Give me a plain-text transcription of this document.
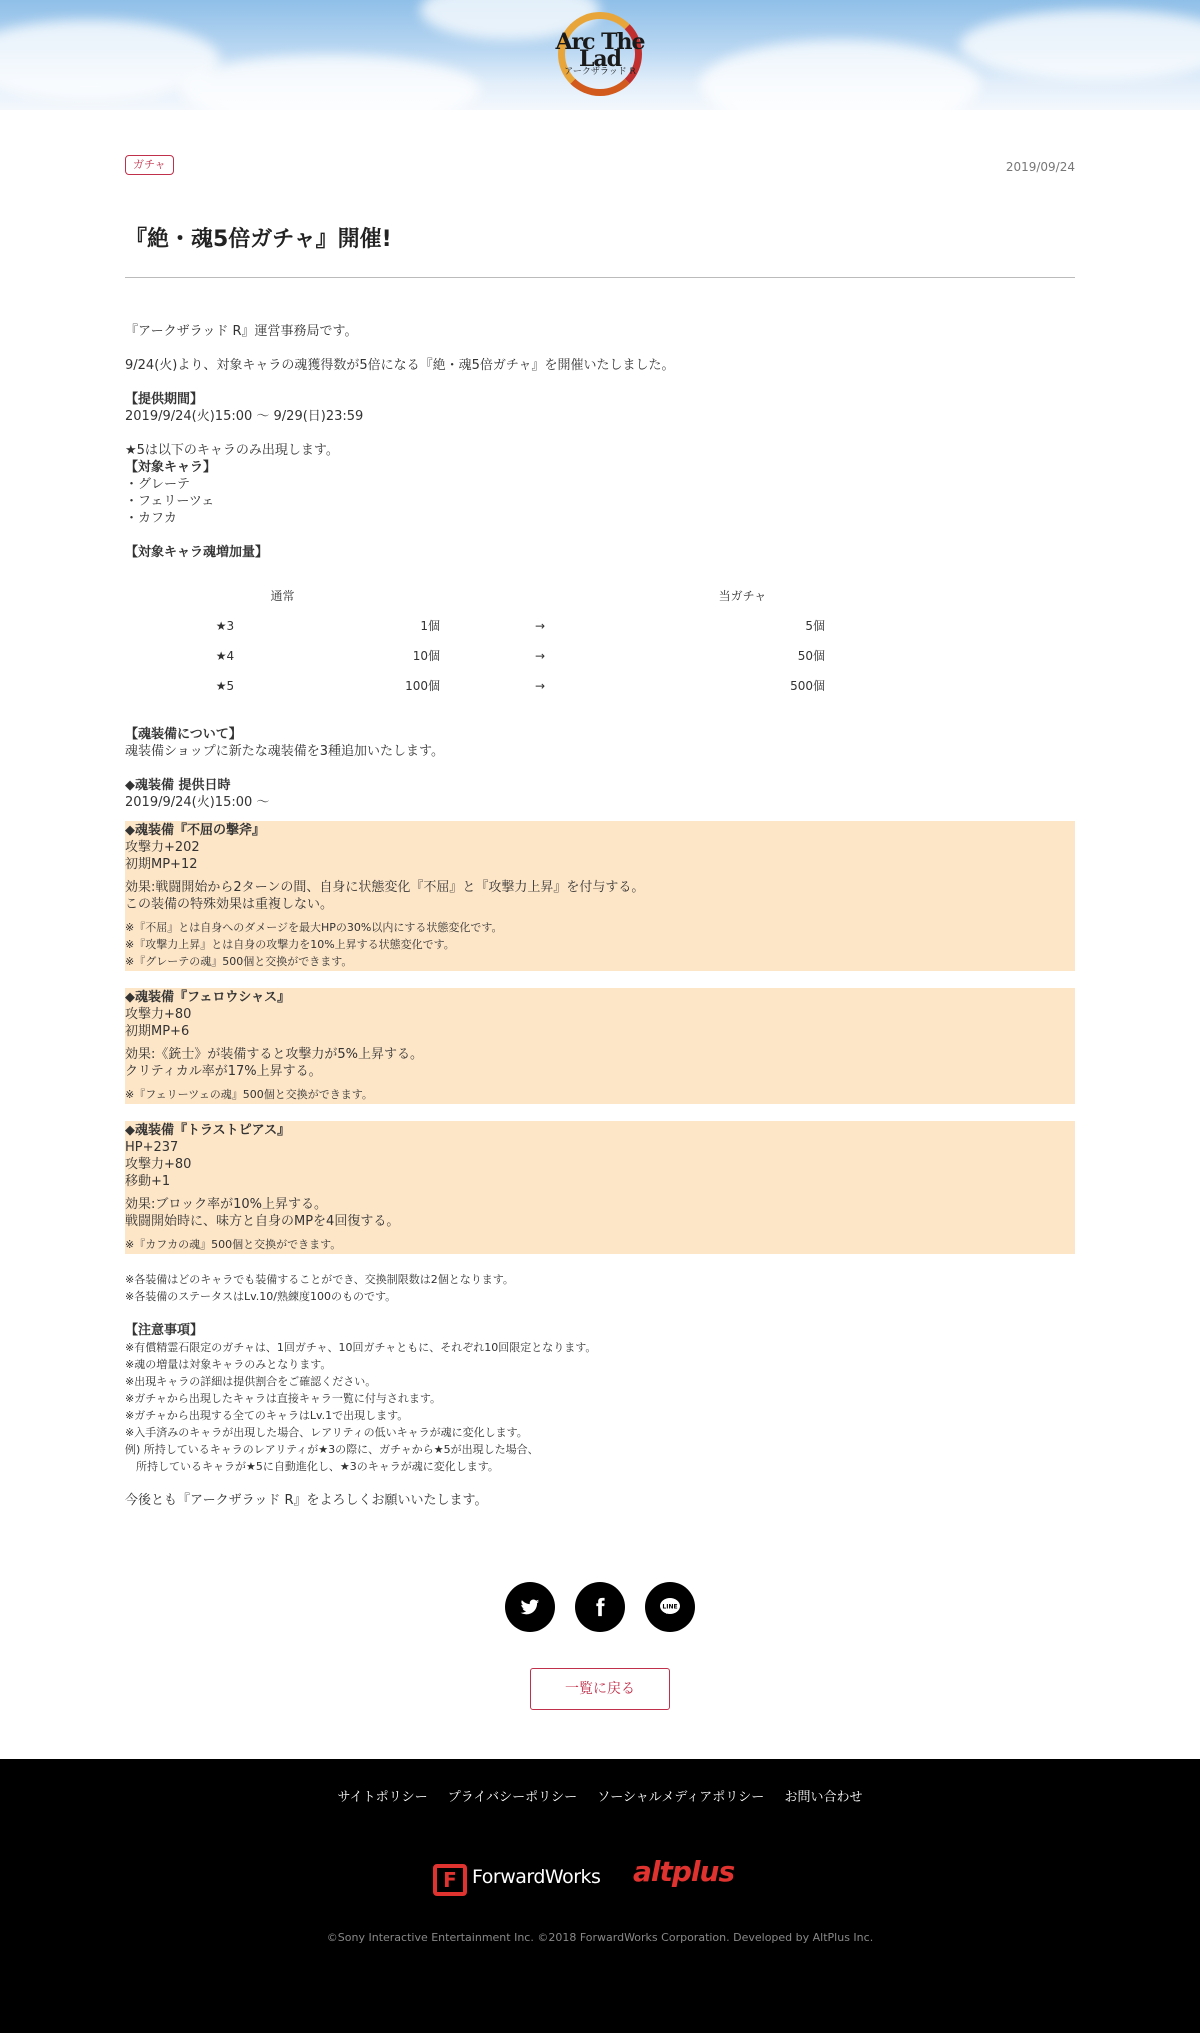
Arc The Lad
アークザラッド R
ガチャ	2019/09/24
『絶・魂5倍ガチャ』開催!
『アークザラッド R』運営事務局です。
9/24(火)より、対象キャラの魂獲得数が5倍になる『絶・魂5倍ガチャ』を開催いたしました。
【提供期間】
2019/9/24(火)15:00 〜 9/29(日)23:59
★5は以下のキャラのみ出現します。
【対象キャラ】
・グレーテ
・フェリーツェ
・カフカ
【対象キャラ魂増加量】
通常		当ガチャ	
★3	1個	→	5個
★4	10個	→	50個
★5	100個	→	500個
【魂装備について】
魂装備ショップに新たな魂装備を3種追加いたします。
◆魂装備 提供日時
2019/9/24(火)15:00 〜
◆魂装備『不屈の撃斧』
攻撃力+202
初期MP+12
効果:戦闘開始から2ターンの間、自身に状態変化『不屈』と『攻撃力上昇』を付与する。
この装備の特殊効果は重複しない。
※『不屈』とは自身へのダメージを最大HPの30%以内にする状態変化です。
※『攻撃力上昇』とは自身の攻撃力を10%上昇する状態変化です。
※『グレーテの魂』500個と交換ができます。
◆魂装備『フェロウシャス』
攻撃力+80
初期MP+6
効果:《銃士》が装備すると攻撃力が5%上昇する。
クリティカル率が17%上昇する。
※『フェリーツェの魂』500個と交換ができます。
◆魂装備『トラストピアス』
HP+237
攻撃力+80
移動+1
効果:ブロック率が10%上昇する。
戦闘開始時に、味方と自身のMPを4回復する。
※『カフカの魂』500個と交換ができます。
※各装備はどのキャラでも装備することができ、交換制限数は2個となります。
※各装備のステータスはLv.10/熟練度100のものです。
【注意事項】
※有償精霊石限定のガチャは、1回ガチャ、10回ガチャともに、それぞれ10回限定となります。
※魂の増量は対象キャラのみとなります。
※出現キャラの詳細は提供割合をご確認ください。
※ガチャから出現したキャラは直接キャラ一覧に付与されます。
※ガチャから出現する全てのキャラはLv.1で出現します。
※入手済みのキャラが出現した場合、レアリティの低いキャラが魂に変化します。
例) 所持しているキャラのレアリティが★3の際に、ガチャから★5が出現した場合、
　所持しているキャラが★5に自動進化し、★3のキャラが魂に変化します。
今後とも『アークザラッド R』をよろしくお願いいたします。
LINE
一覧に戻る
サイトポリシー プライバシーポリシー ソーシャルメディアポリシー お問い合わせ
F ForwardWorks altplus
©Sony Interactive Entertainment Inc. ©2018 ForwardWorks Corporation. Developed by AltPlus Inc.
